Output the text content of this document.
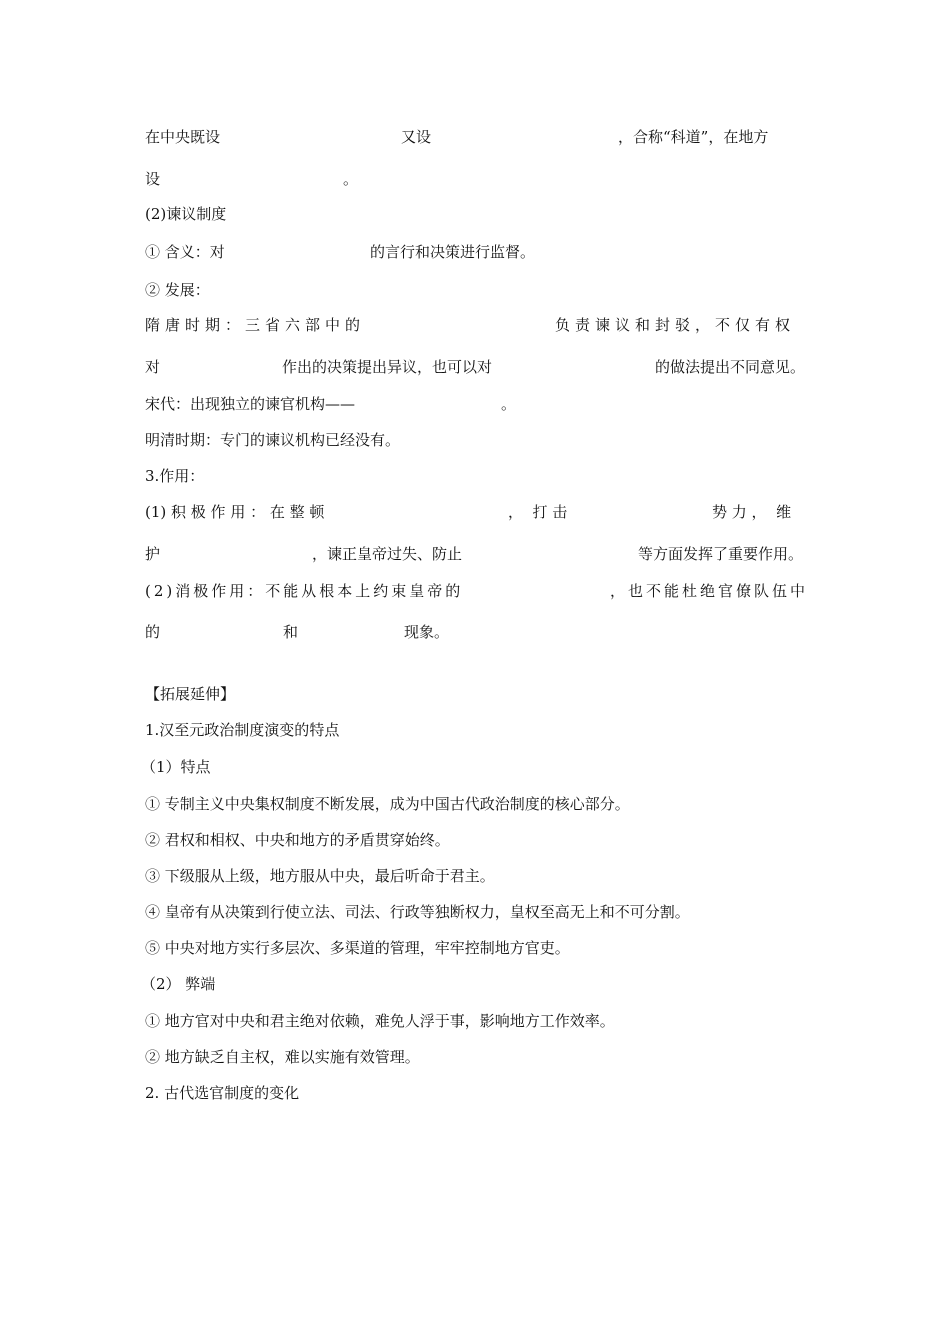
在中央既设	又设	，合称“科道”，在地方
设	。
(2)谏议制度
① 含义：对	的言行和决策进行监督。
② 发展：
隋唐时期：三省六部中的	负责谏议和封驳，不仅有权
对	作出的决策提出异议，也可以对	的做法提出不同意见。
宋代：出现独立的谏官机构——	。
明清时期：专门的谏议机构已经没有。
3.作用：
(1) 积 极 作 用 ： 在 整 顿	，  打 击	势 力 ，  维
护	，谏正皇帝过失、防止	等方面发挥了重要作用。
(2)消极作用：不能从根本上约束皇帝的	，也不能杜绝官僚队伍中
的	和	现象。
【拓展延伸】
1.汉至元政治制度演变的特点
（1）特点
① 专制主义中央集权制度不断发展，成为中国古代政治制度的核心部分。
② 君权和相权、中央和地方的矛盾贯穿始终。
③ 下级服从上级，地方服从中央，最后听命于君主。
④ 皇帝有从决策到行使立法、司法、行政等独断权力，皇权至高无上和不可分割。
⑤ 中央对地方实行多层次、多渠道的管理，牢牢控制地方官吏。
（2） 弊端
① 地方官对中央和君主绝对依赖，难免人浮于事，影响地方工作效率。
② 地方缺乏自主权，难以实施有效管理。
2. 古代选官制度的变化
